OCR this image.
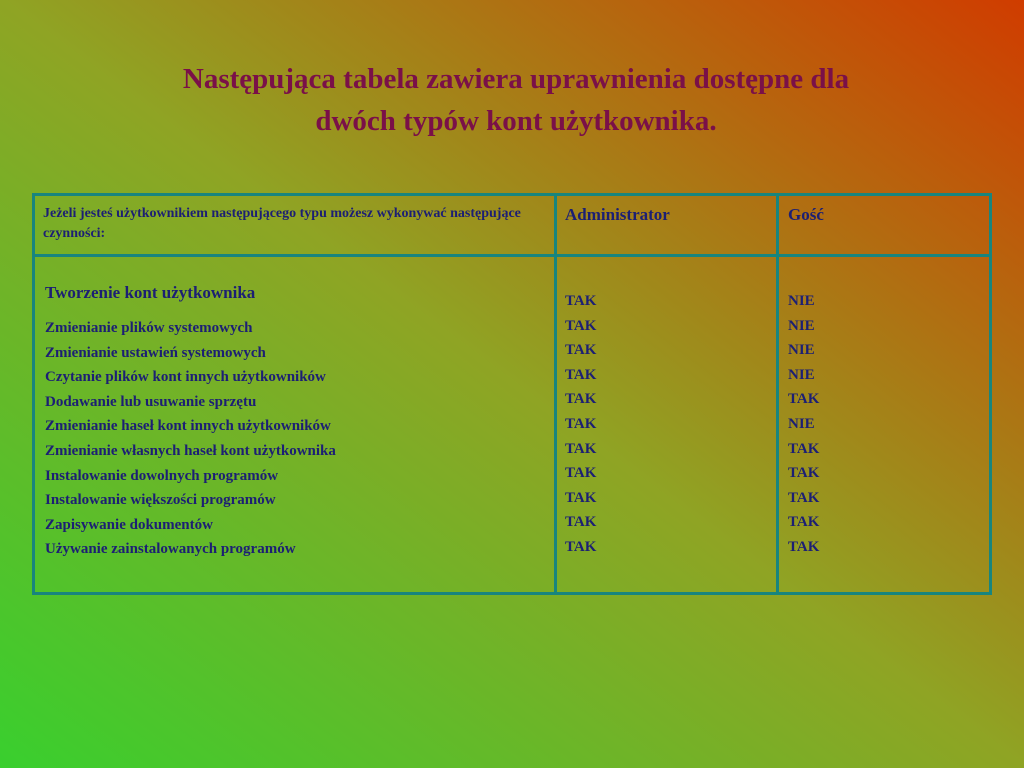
Następująca tabela zawiera uprawnienia dostępne dla
dwóch typów kont użytkownika.
Jeżeli jesteś użytkownikiem następującego typu możesz wykonywać następujące czynności:
Administrator	Gość
Tworzenie kont użytkownika
Zmienianie plików systemowych
Zmienianie ustawień systemowych
Czytanie plików kont innych użytkowników
Dodawanie lub usuwanie sprzętu
Zmienianie haseł kont innych użytkowników
Zmienianie własnych haseł kont użytkownika
Instalowanie dowolnych programów
Instalowanie większości programów
Zapisywanie dokumentów
Używanie zainstalowanych programów
TAK
TAK
TAK
TAK
TAK
TAK
TAK
TAK
TAK
TAK
TAK
NIE
NIE
NIE
NIE
TAK
NIE
TAK
TAK
TAK
TAK
TAK
